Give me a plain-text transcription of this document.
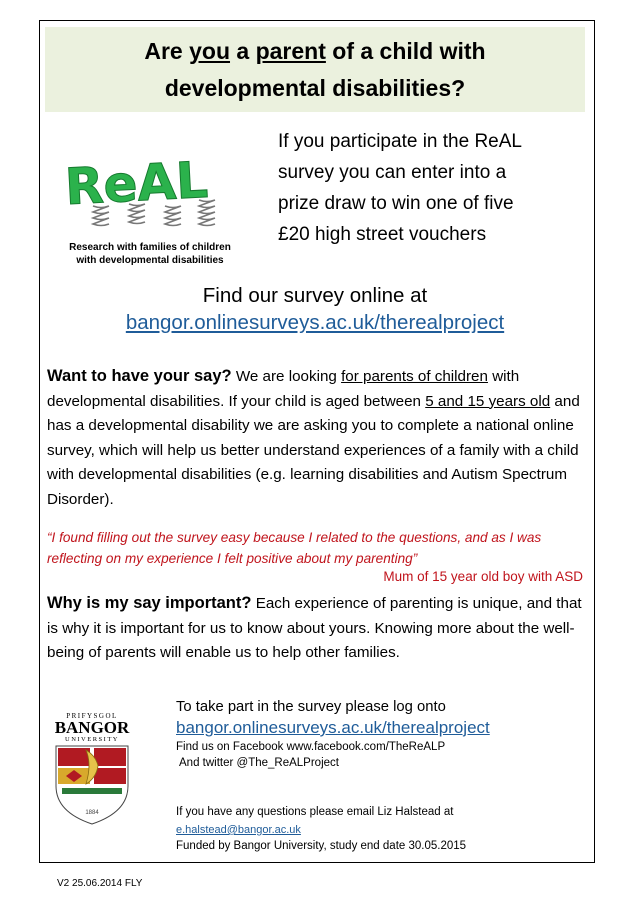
Are you a parent of a child with
developmental disabilities?
ReAL
Research with families of children
with developmental disabilities
If you participate in the ReAL
survey you can enter into a
prize draw to win one of five
£20 high street vouchers
Find our survey online at
bangor.onlinesurveys.ac.uk/therealproject
Want to have your say? We are looking for parents of children with developmental disabilities. If your child is aged between 5 and 15 years old and has a developmental disability we are asking you to complete a national online survey, which will help us better understand experiences of a family with a child with developmental disabilities (e.g. learning disabilities and Autism Spectrum Disorder).
“I found filling out the survey easy because I related to the questions, and as I was reflecting on my experience I felt positive about my parenting”
Mum of 15 year old boy with ASD
Why is my say important? Each experience of parenting is unique, and that is why it is important for us to know about yours. Knowing more about the well-being of parents will enable us to help other families.
PRIFYSGOL
BANGOR
UNIVERSITY
1884
To take part in the survey please log onto
bangor.onlinesurveys.ac.uk/therealproject
Find us on Facebook www.facebook.com/TheReALP
And twitter @The_ReALProject
If you have any questions please email Liz Halstead at
e.halstead@bangor.ac.uk
Funded by Bangor University, study end date 30.05.2015
V2 25.06.2014 FLY
